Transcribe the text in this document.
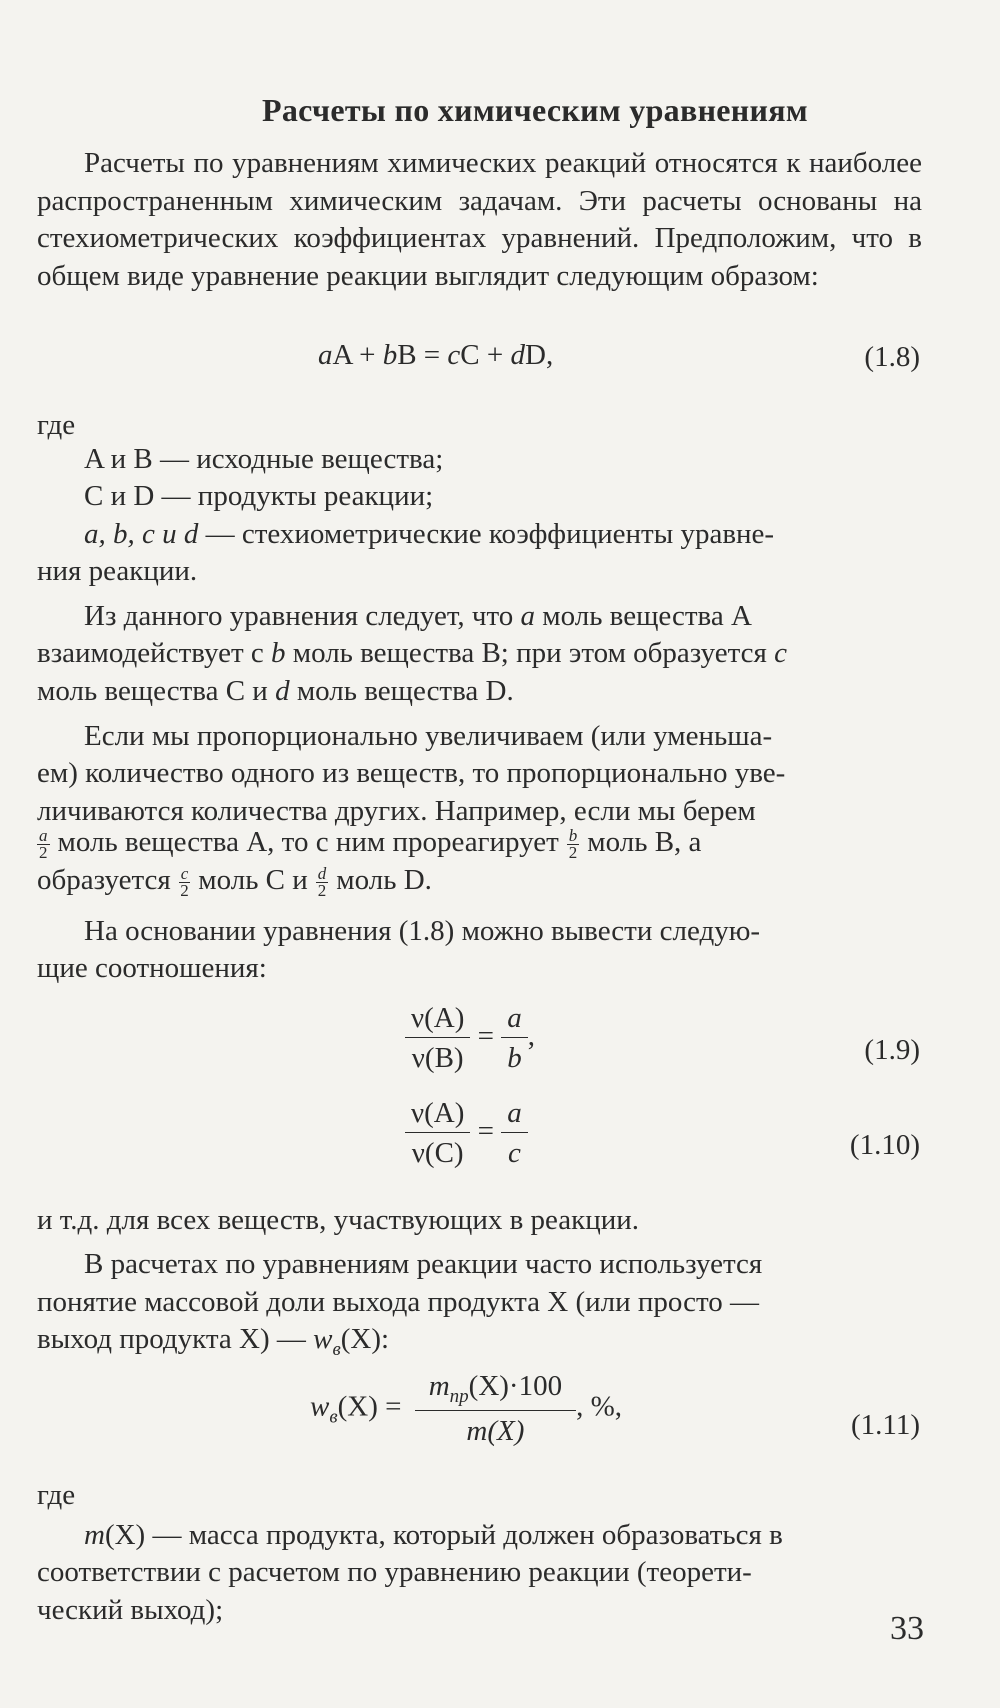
Расчеты по химическим уравнениям
Расчеты по уравнениям химических реакций относятся к наиболее распространенным химическим задачам. Эти расчеты основаны на стехиометрических коэффициентах уравнений. Предположим, что в общем виде уравнение реакции выглядит следующим образом:
aA + bB = cC + dD,	(1.8)
где
A и B — исходные вещества;
C и D — продукты реакции;
a, b, c и d — стехиометрические коэффициенты уравне-
ния реакции.
Из данного уравнения следует, что a моль вещества A
взаимодействует с b моль вещества B; при этом образуется c
моль вещества C и d моль вещества D.
Если мы пропорционально увеличиваем (или уменьша-
ем) количество одного из веществ, то пропорционально уве-
личиваются количества других. Например, если мы берем
$\frac{a}{2}$ моль вещества A, то с ним прореагирует $\frac{b}{2}$ моль B, а
образуется $\frac{c}{2}$ моль C и $\frac{d}{2}$ моль D.
На основании уравнения (1.8) можно вывести следую-
щие соотношения:
$\frac{\nu(A)}{\nu(B)} = \frac{a}{b}$ ,	(1.9)
$\frac{\nu(A)}{\nu(C)} = \frac{a}{c}$	(1.10)
и т.д. для всех веществ, участвующих в реакции.
В расчетах по уравнениям реакции часто используется
понятие массовой доли выхода продукта X (или просто —
выход продукта X) — $w_в(X)$:
$w_в(X) = \frac{m_{пр}(X)\cdot 100}{m(X)}$ , %,
(1.11)
где
m(X) — масса продукта, который должен образоваться в
соответствии с расчетом по уравнению реакции (теорети-
ческий выход);	33
